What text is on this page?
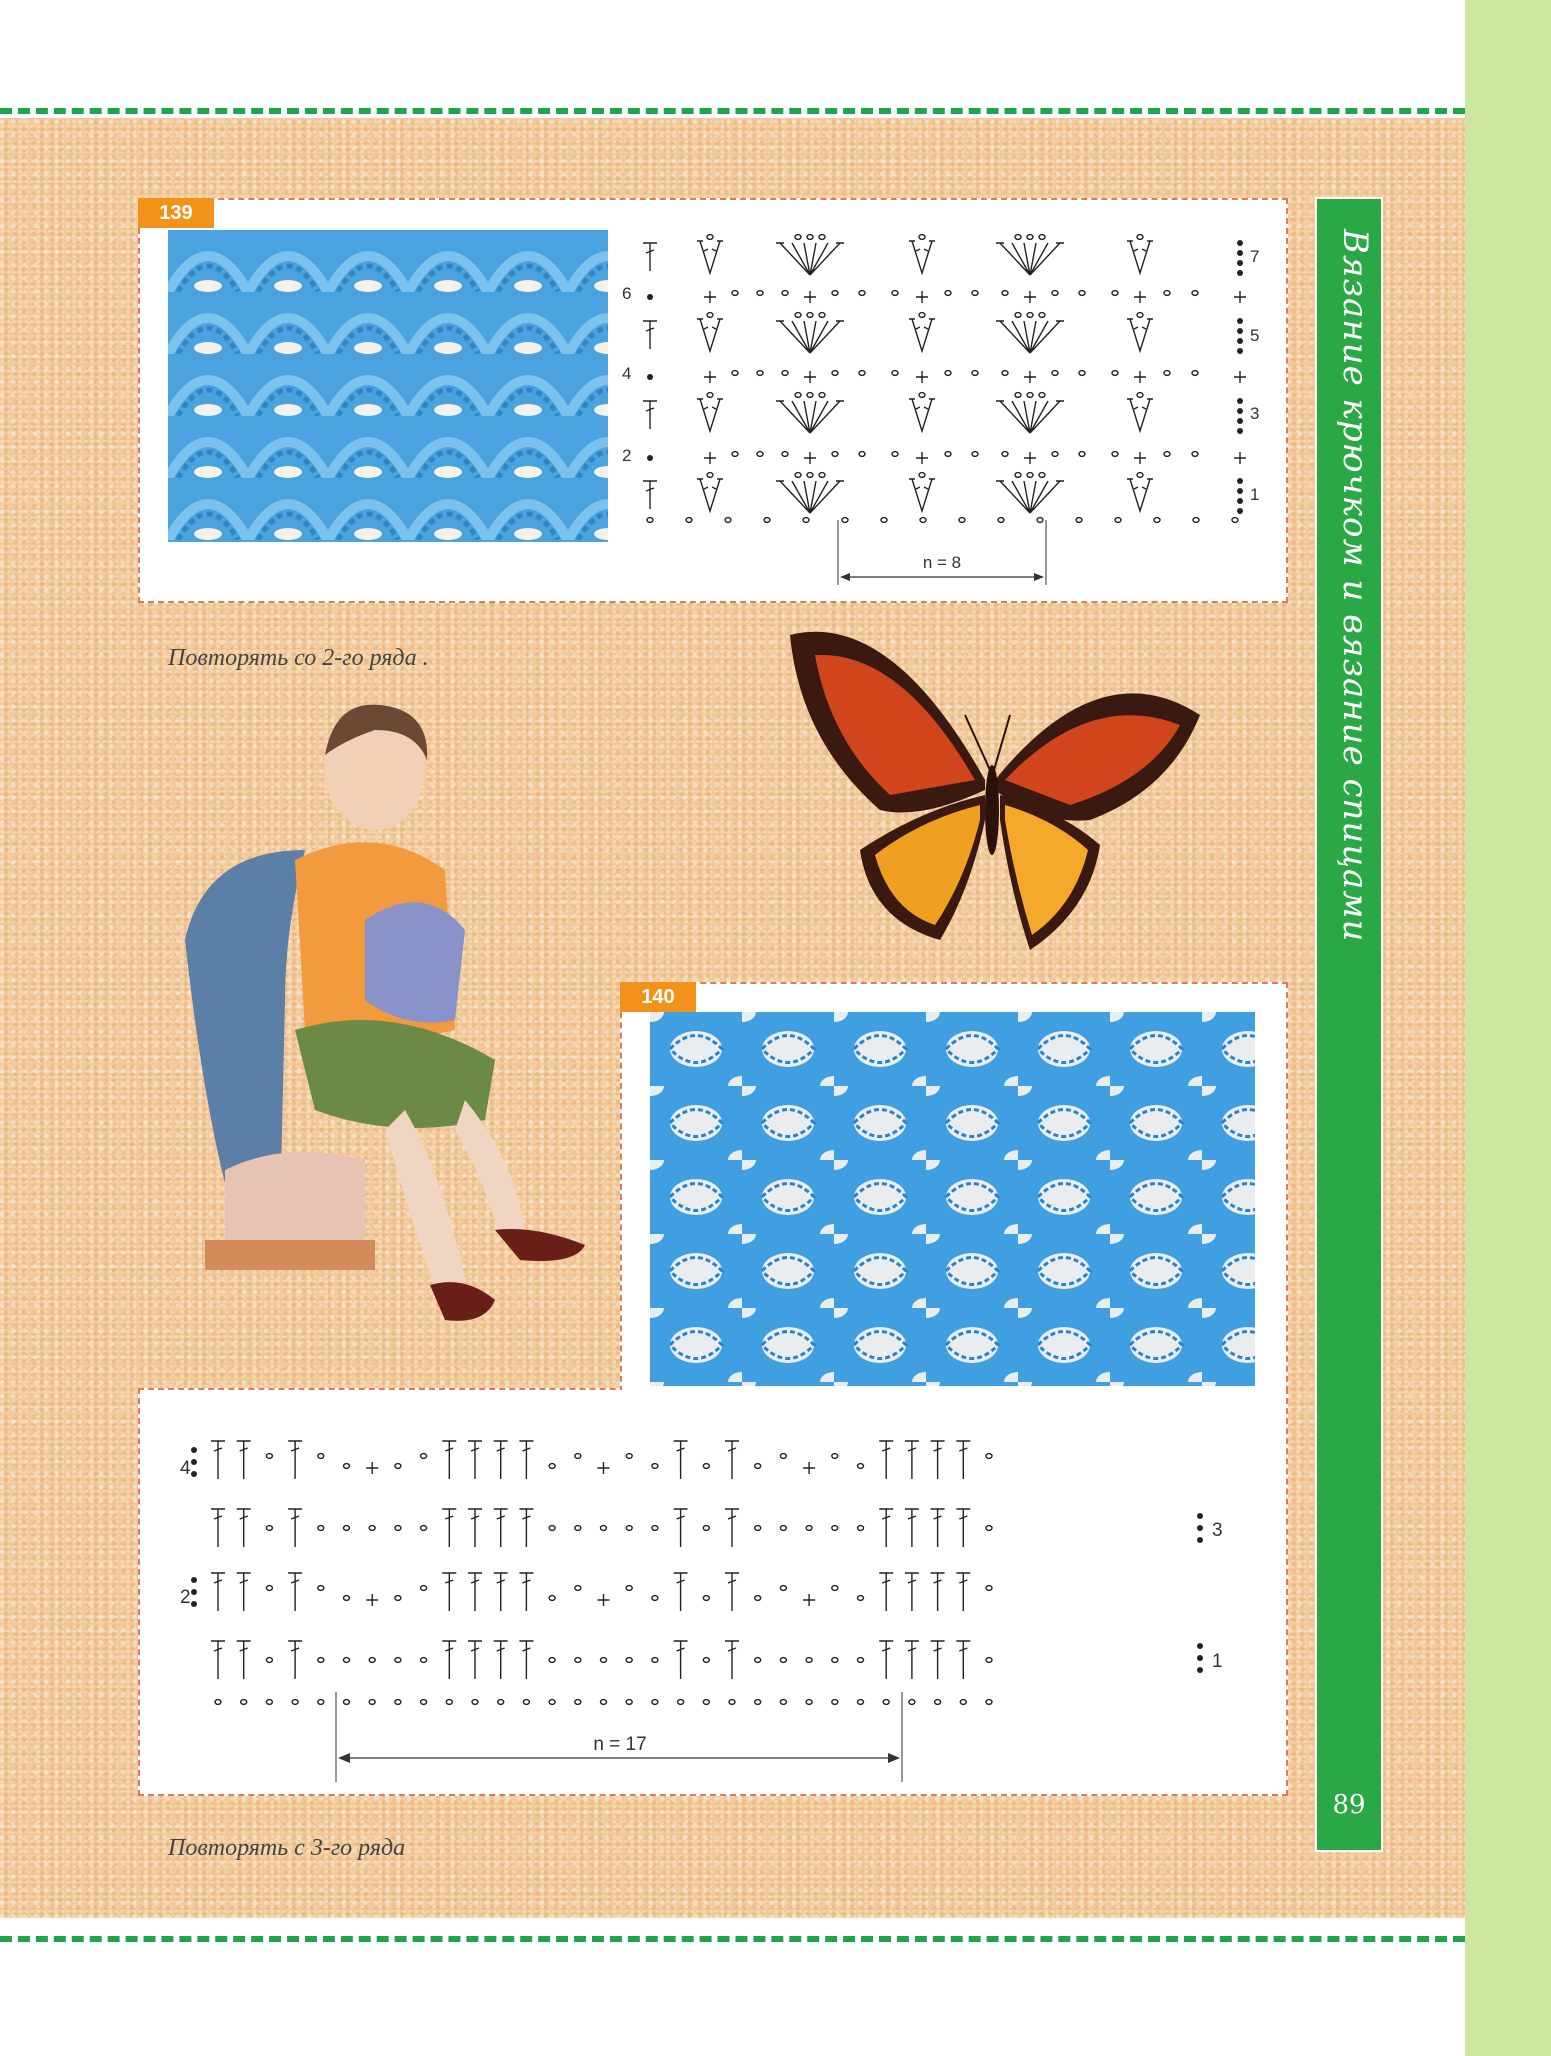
Вязание крючком и вязание спицами
89
139
6
4
2
7
5
3
1
n = 8
Повторять со 2-го ряда .
140
4
2
3
1
n = 17
Повторять с 3-го ряда
